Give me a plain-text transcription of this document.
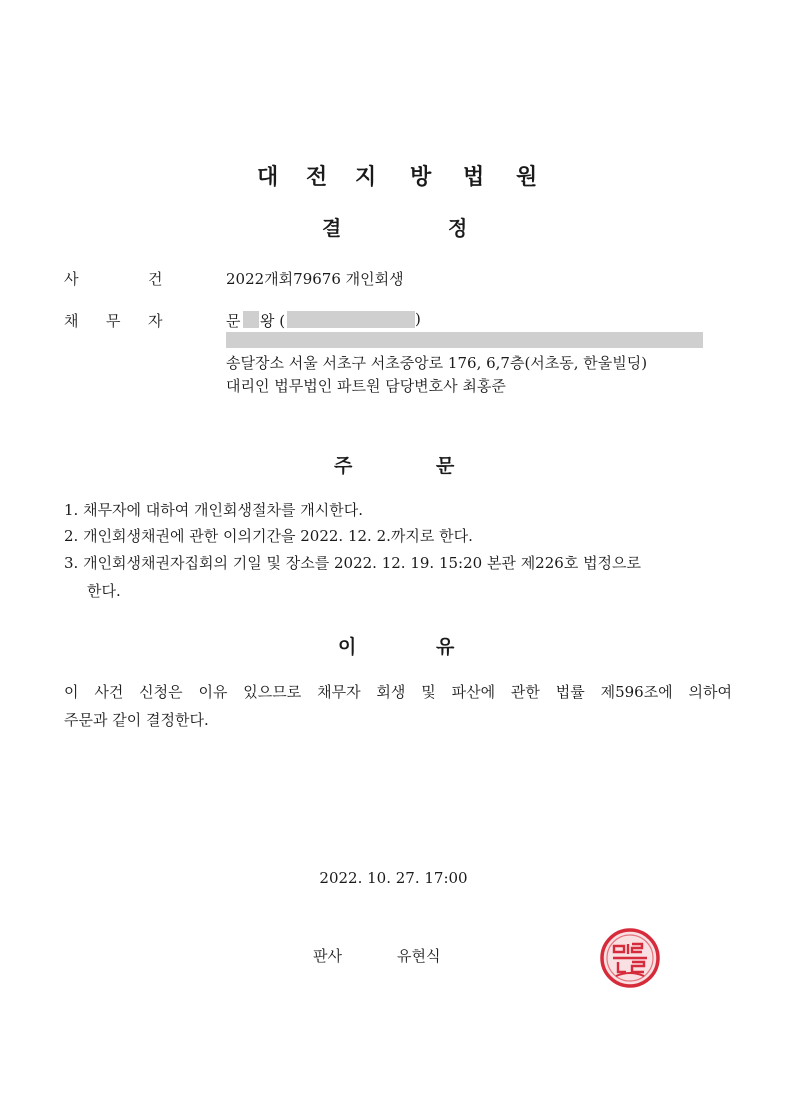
대 전 지 방 법 원
결	정
사	건	2022개회79676 개인회생
채 무 자	문 왕 (	)
송달장소 서울 서초구 서초중앙로 176, 6,7층(서초동, 한울빌딩)
대리인 법무법인 파트원 담당변호사 최홍준
주	문
1. 채무자에 대하여 개인회생절차를 개시한다.
2. 개인회생채권에 관한 이의기간을 2022. 12. 2.까지로 한다.
3. 개인회생채권자집회의 기일 및 장소를 2022. 12. 19. 15:20 본관 제226호 법정으로
한다.
이	유
이 사건 신청은 이유 있으므로 채무자 회생 및 파산에 관한 법률 제596조에 의하여
주문과 같이 결정한다.
2022. 10. 27. 17:00
판사	유현식
